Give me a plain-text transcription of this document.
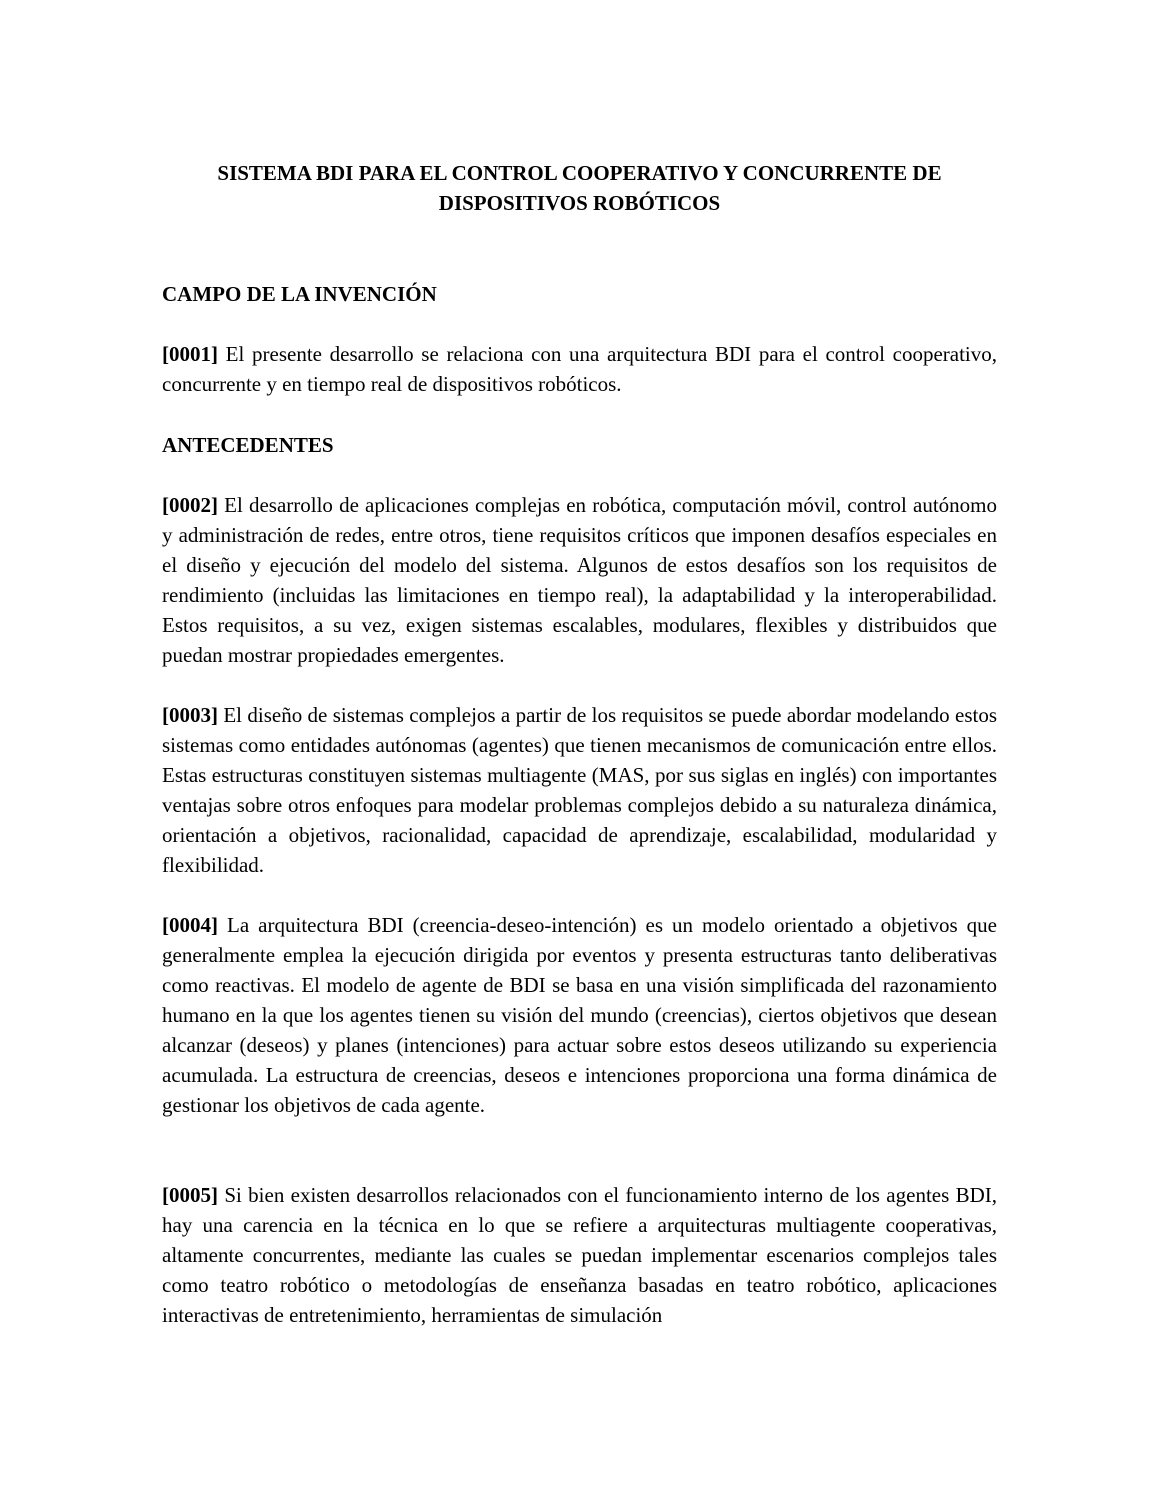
SISTEMA BDI PARA EL CONTROL COOPERATIVO Y CONCURRENTE DE
DISPOSITIVOS ROBÓTICOS
CAMPO DE LA INVENCIÓN

[0001] El presente desarrollo se relaciona con una arquitectura BDI para el control cooperativo, concurrente y en tiempo real de dispositivos robóticos.

ANTECEDENTES

[0002] El desarrollo de aplicaciones complejas en robótica, computación móvil, control autónomo y administración de redes, entre otros, tiene requisitos críticos que imponen desafíos especiales en el diseño y ejecución del modelo del sistema. Algunos de estos desafíos son los requisitos de rendimiento (incluidas las limitaciones en tiempo real), la adaptabilidad y la interoperabilidad. Estos requisitos, a su vez, exigen sistemas escalables, modulares, flexibles y distribuidos que puedan mostrar propiedades emergentes.

[0003] El diseño de sistemas complejos a partir de los requisitos se puede abordar modelando estos sistemas como entidades autónomas (agentes) que tienen mecanismos de comunicación entre ellos. Estas estructuras constituyen sistemas multiagente (MAS, por sus siglas en inglés) con importantes ventajas sobre otros enfoques para modelar problemas complejos debido a su naturaleza dinámica, orientación a objetivos, racionalidad, capacidad de aprendizaje, escalabilidad, modularidad y flexibilidad.

[0004] La arquitectura BDI (creencia-deseo-intención) es un modelo orientado a objetivos que generalmente emplea la ejecución dirigida por eventos y presenta estructuras tanto deliberativas como reactivas. El modelo de agente de BDI se basa en una visión simplificada del razonamiento humano en la que los agentes tienen su visión del mundo (creencias), ciertos objetivos que desean alcanzar (deseos) y planes (intenciones) para actuar sobre estos deseos utilizando su experiencia acumulada. La estructura de creencias, deseos e intenciones proporciona una forma dinámica de gestionar los objetivos de cada agente.

[0005] Si bien existen desarrollos relacionados con el funcionamiento interno de los agentes BDI, hay una carencia en la técnica en lo que se refiere a arquitecturas multiagente cooperativas, altamente concurrentes, mediante las cuales se puedan implementar escenarios complejos tales como teatro robótico o metodologías de enseñanza basadas en teatro robótico, aplicaciones interactivas de entretenimiento, herramientas de simulación
